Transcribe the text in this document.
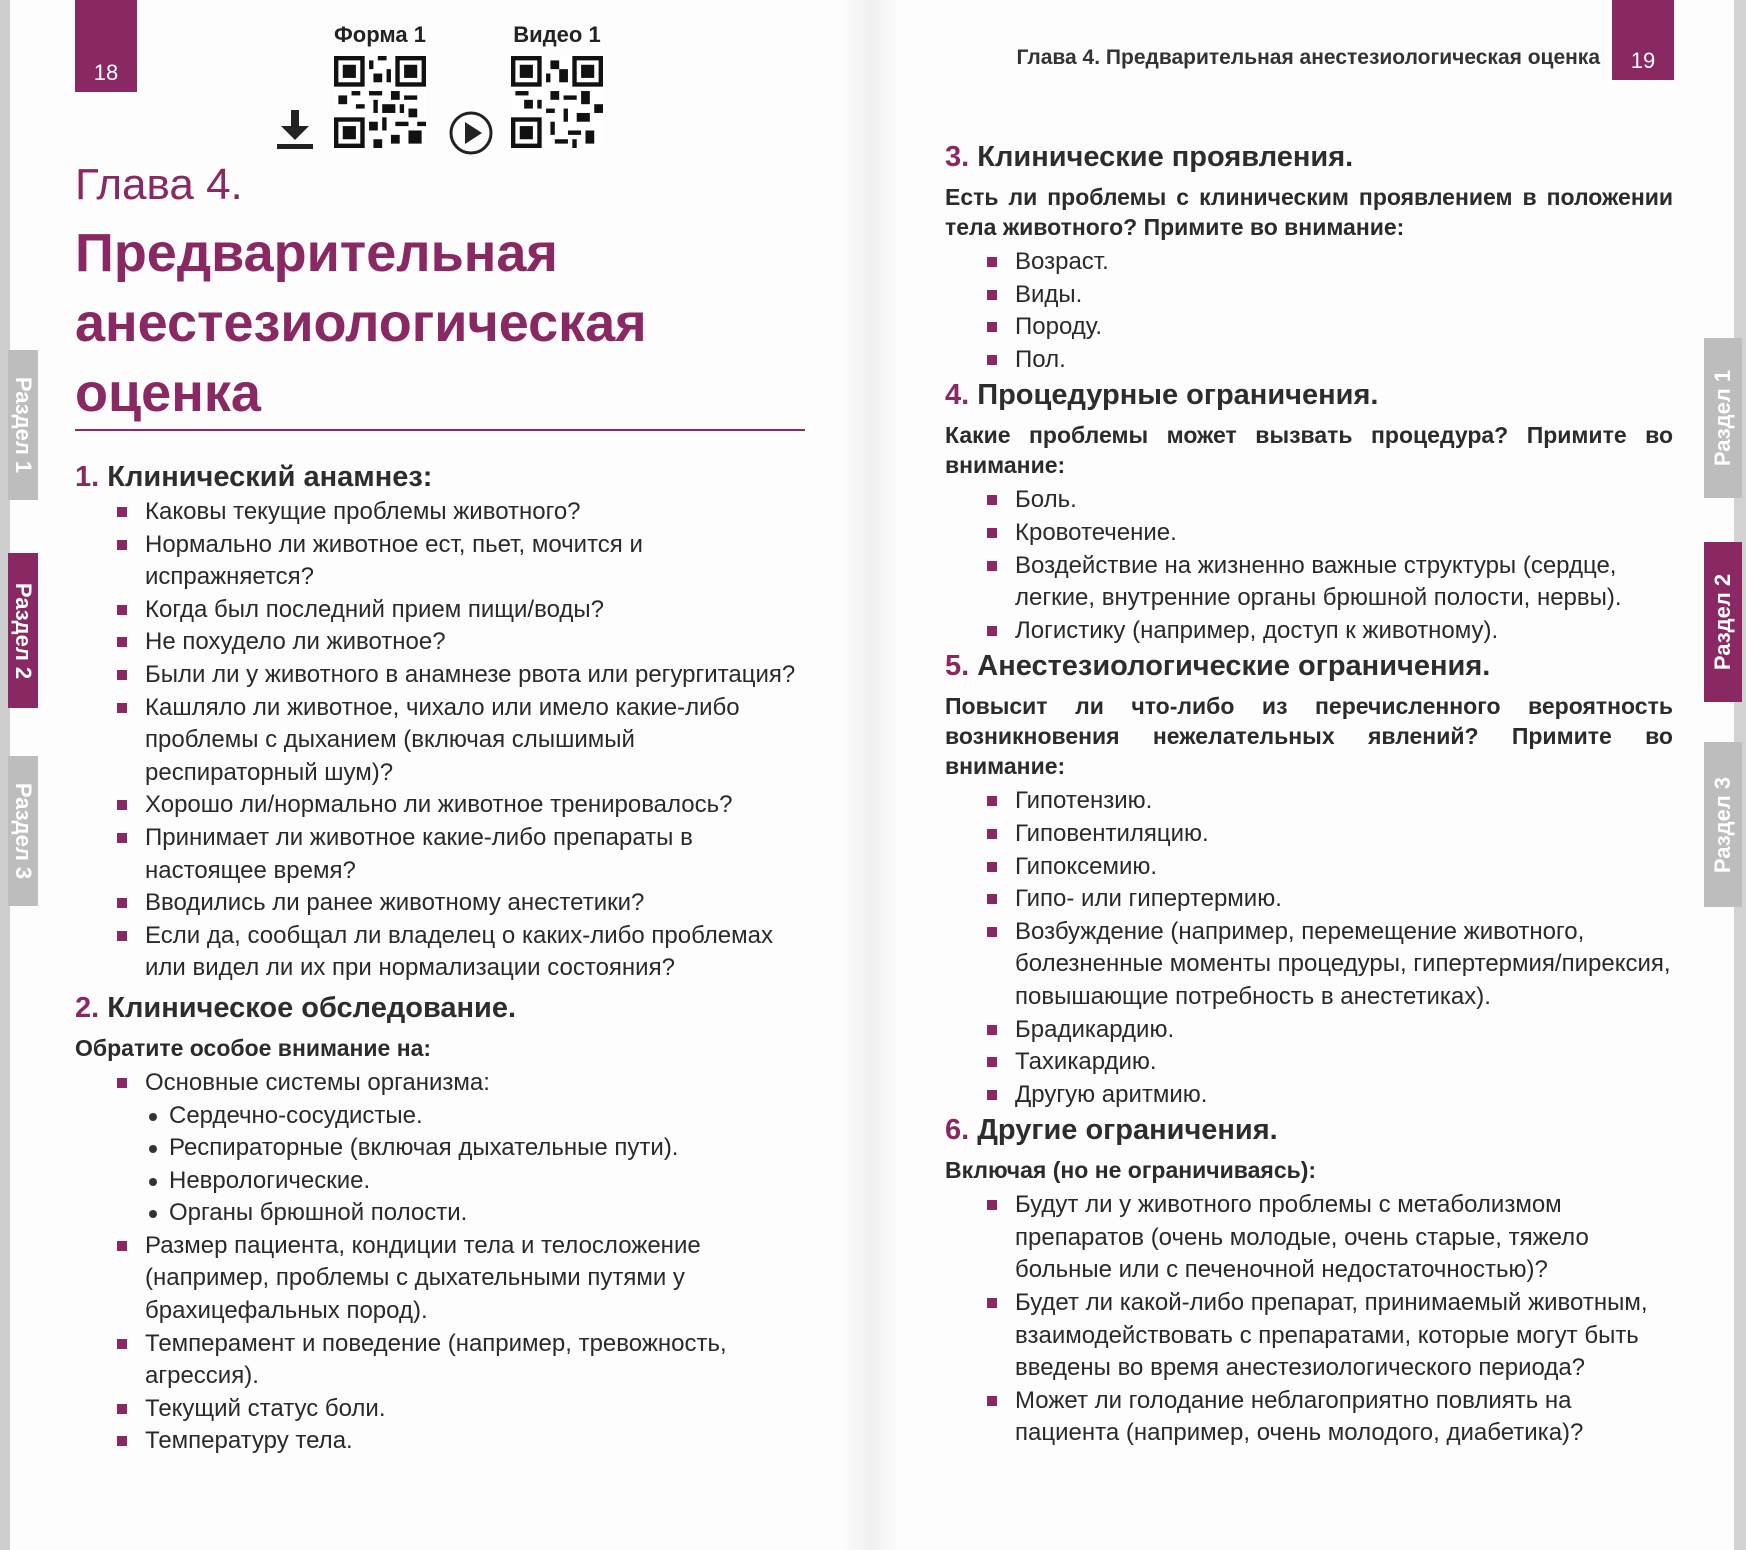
18
Форма 1	Видео 1
Глава 4.
Предварительная анестезиологическая оценка
Раздел 1
Раздел 2
Раздел 3
1. Клинический анамнез:
Каковы текущие проблемы животного?
Нормально ли животное ест, пьет, мочится и испражняется?
Когда был последний прием пищи/воды?
Не похудело ли животное?
Были ли у животного в анамнезе рвота или регургитация?
Кашляло ли животное, чихало или имело какие-либо проблемы с дыханием (включая слышимый респираторный шум)?
Хорошо ли/нормально ли животное тренировалось?
Принимает ли животное какие-либо препараты в настоящее время?
Вводились ли ранее животному анестетики?
Если да, сообщал ли владелец о каких-либо проблемах или видел ли их при нормализации состояния?
2. Клиническое обследование.
Обратите особое внимание на:
Основные системы организма:
Сердечно-сосудистые.
Респираторные (включая дыхательные пути).
Неврологические.
Органы брюшной полости.
Размер пациента, кондиции тела и телосложение (например, проблемы с дыхательными путями у брахицефальных пород).
Темперамент и поведение (например, тревожность, агрессия).
Текущий статус боли.
Температуру тела.
Глава 4. Предварительная анестезиологическая оценка	19
Раздел 1
Раздел 2
Раздел 3
3. Клинические проявления.
Есть ли проблемы с клиническим проявлением в положении тела животного? Примите во внимание:
Возраст.
Виды.
Породу.
Пол.
4. Процедурные ограничения.
Какие проблемы может вызвать процедура? Примите во внимание:
Боль.
Кровотечение.
Воздействие на жизненно важные структуры (сердце, легкие, внутренние органы брюшной полости, нервы).
Логистику (например, доступ к животному).
5. Анестезиологические ограничения.
Повысит ли что-либо из перечисленного вероятность возникновения нежелательных явлений? Примите во внимание:
Гипотензию.
Гиповентиляцию.
Гипоксемию.
Гипо- или гипертермию.
Возбуждение (например, перемещение животного, болезненные моменты процедуры, гипертермия/пирексия, повышающие потребность в анестетиках).
Брадикардию.
Тахикардию.
Другую аритмию.
6. Другие ограничения.
Включая (но не ограничиваясь):
Будут ли у животного проблемы с метаболизмом препаратов (очень молодые, очень старые, тяжело больные или с печеночной недостаточностью)?
Будет ли какой-либо препарат, принимаемый животным, взаимодействовать с препаратами, которые могут быть введены во время анестезиологического периода?
Может ли голодание неблагоприятно повлиять на пациента (например, очень молодого, диабетика)?
